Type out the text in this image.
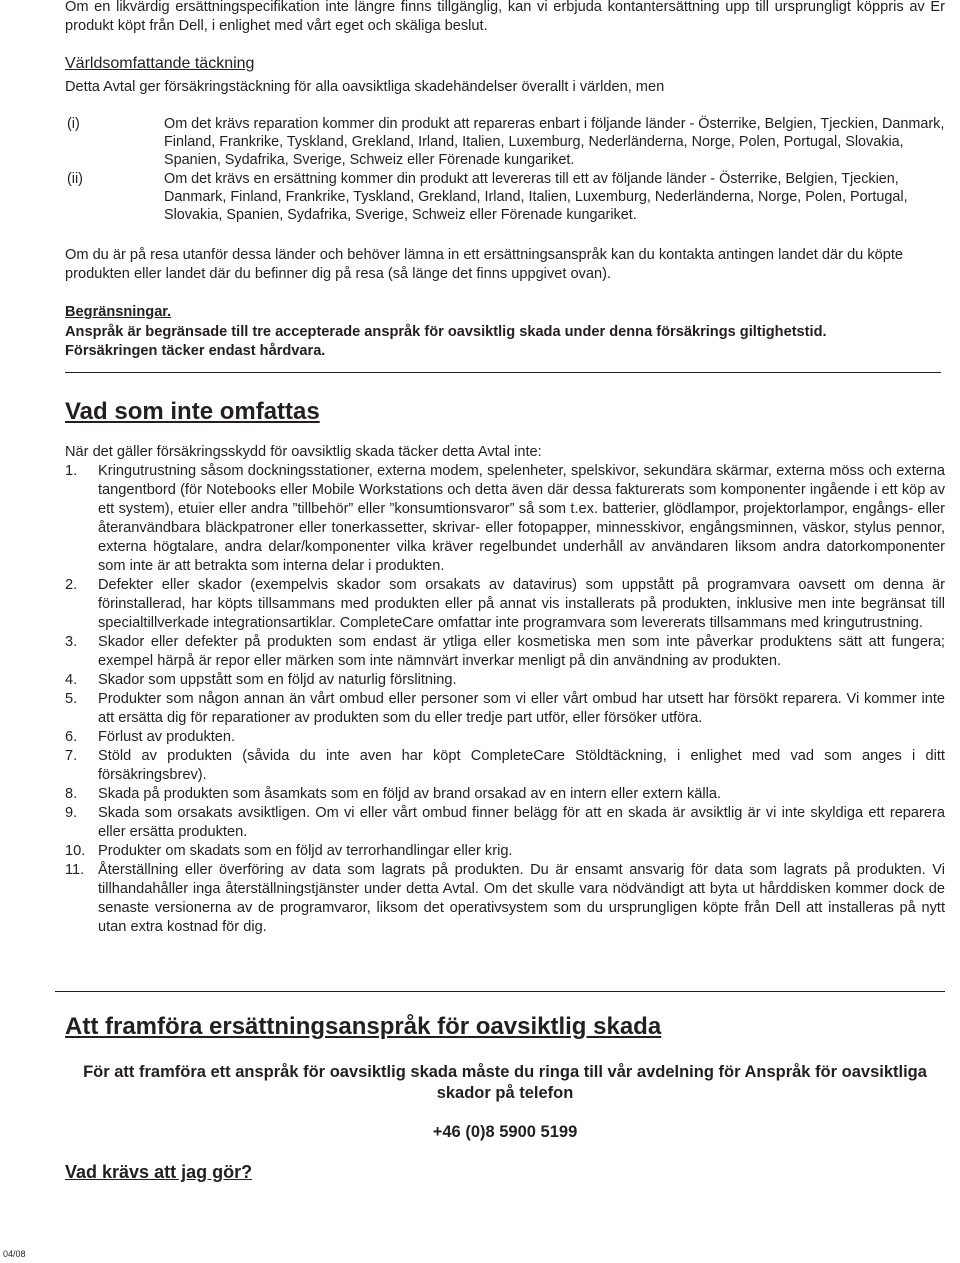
Om en likvärdig ersättningspecifikation inte längre finns tillgänglig, kan vi erbjuda kontantersättning upp till ursprungligt köppris av Er produkt köpt från Dell, i enlighet med vårt eget och skäliga beslut.

Världsomfattande täckning

Detta Avtal ger försäkringstäckning för alla oavsiktliga skadehändelser överallt i världen, men

(i)	Om det krävs reparation kommer din produkt att repareras enbart i följande länder - Österrike, Belgien, Tjeckien, Danmark, Finland, Frankrike, Tyskland, Grekland, Irland, Italien, Luxemburg, Nederländerna, Norge, Polen, Portugal, Slovakia, Spanien, Sydafrika, Sverige, Schweiz eller Förenade kungariket.
(ii)	Om det krävs en ersättning kommer din produkt att levereras till ett av följande länder - Österrike, Belgien, Tjeckien, Danmark, Finland, Frankrike, Tyskland, Grekland, Irland, Italien, Luxemburg, Nederländerna, Norge, Polen, Portugal, Slovakia, Spanien, Sydafrika, Sverige, Schweiz eller Förenade kungariket.

Om du är på resa utanför dessa länder och behöver lämna in ett ersättningsanspråk kan du kontakta antingen landet där du köpte produkten eller landet där du befinner dig på resa (så länge det finns uppgivet ovan).

Begränsningar.

Anspråk är begränsade till tre accepterade anspråk för oavsiktlig skada under denna försäkrings giltighetstid.

Försäkringen täcker endast hårdvara.

Vad som inte omfattas

När det gäller försäkringsskydd för oavsiktlig skada täcker detta Avtal inte:

1.	Kringutrustning såsom dockningsstationer, externa modem, spelenheter, spelskivor, sekundära skärmar, externa möss och externa tangentbord (för Notebooks eller Mobile Workstations och detta även där dessa fakturerats som komponenter ingående i ett köp av ett system), etuier eller andra ”tillbehör” eller ”konsumtionsvaror” så som t.ex. batterier, glödlampor, projektorlampor, engångs- eller återanvändbara bläckpatroner eller tonerkassetter, skrivar- eller fotopapper, minnesskivor, engångsminnen, väskor, stylus pennor, externa högtalare, andra delar/komponenter vilka kräver regelbundet underhåll av användaren liksom andra datorkomponenter som inte är att betrakta som interna delar i produkten.
2.	Defekter eller skador (exempelvis skador som orsakats av datavirus) som uppstått på programvara oavsett om denna är förinstallerad, har köpts tillsammans med produkten eller på annat vis installerats på produkten, inklusive men inte begränsat till specialtillverkade integrationsartiklar. CompleteCare omfattar inte programvara som levererats tillsammans med kringutrustning.
3.	Skador eller defekter på produkten som endast är ytliga eller kosmetiska men som inte påverkar produktens sätt att fungera; exempel härpå är repor eller märken som inte nämnvärt inverkar menligt på din användning av produkten.
4.	Skador som uppstått som en följd av naturlig förslitning.
5.	Produkter som någon annan än vårt ombud eller personer som vi eller vårt ombud har utsett har försökt reparera. Vi kommer inte att ersätta dig för reparationer av produkten som du eller tredje part utför, eller försöker utföra.
6.	Förlust av produkten.
7.	Stöld av produkten (såvida du inte aven har köpt CompleteCare Stöldtäckning, i enlighet med vad som anges i ditt försäkringsbrev).
8.	Skada på produkten som åsamkats som en följd av brand orsakad av en intern eller extern källa.
9.	Skada som orsakats avsiktligen. Om vi eller vårt ombud finner belägg för att en skada är avsiktlig är vi inte skyldiga ett reparera eller ersätta produkten.
10. Produkter om skadats som en följd av terrorhandlingar eller krig.
11. Återställning eller överföring av data som lagrats på produkten. Du är ensamt ansvarig för data som lagrats på produkten. Vi tillhandahåller inga återställningstjänster under detta Avtal. Om det skulle vara nödvändigt att byta ut hårddisken kommer dock de senaste versionerna av de programvaror, liksom det operativsystem som du ursprungligen köpte från Dell att installeras på nytt utan extra kostnad för dig.

Att framföra ersättningsanspråk för oavsiktlig skada

För att framföra ett anspråk för oavsiktlig skada måste du ringa till vår avdelning för Anspråk för oavsiktliga skador på telefon

+46 (0)8 5900 5199

Vad krävs att jag gör?

04/08
